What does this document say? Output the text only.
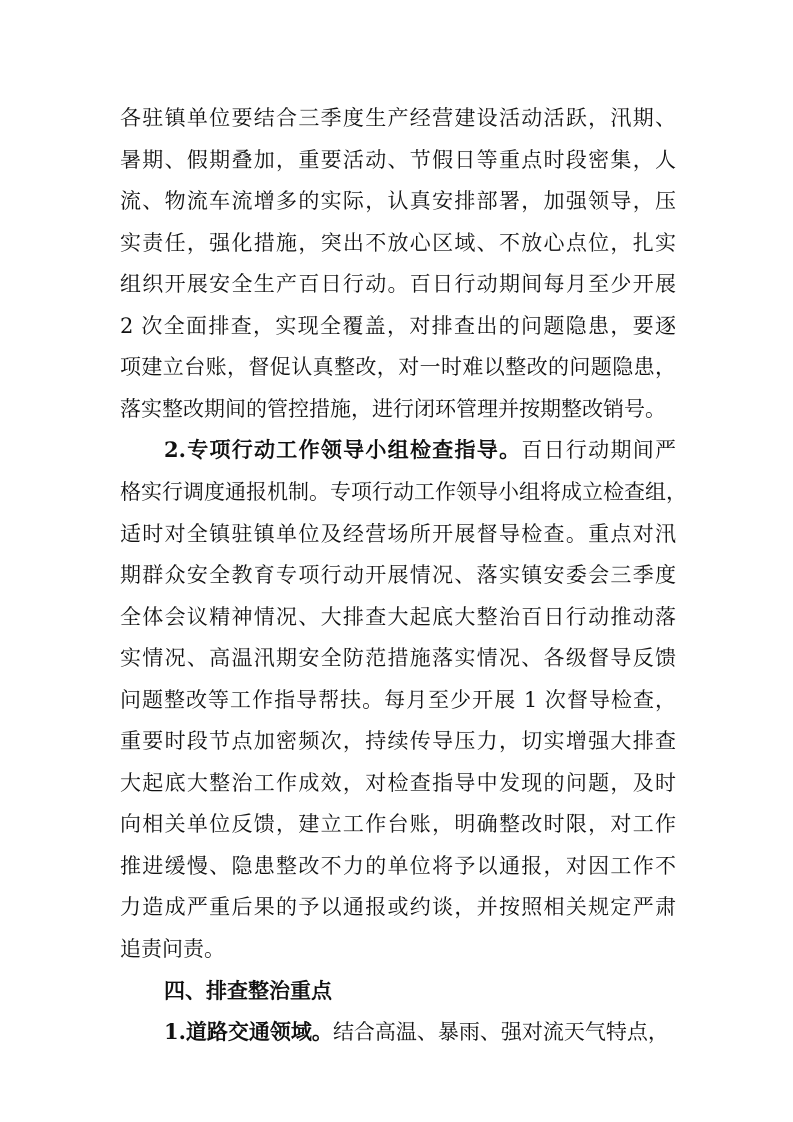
各驻镇单位要结合三季度生产经营建设活动活跃，汛期、
暑期、假期叠加，重要活动、节假日等重点时段密集，人
流、物流车流增多的实际，认真安排部署，加强领导，压
实责任，强化措施，突出不放心区域、不放心点位，扎实
组织开展安全生产百日行动。百日行动期间每月至少开展
2 次全面排查，实现全覆盖，对排查出的问题隐患，要逐
项建立台账，督促认真整改，对一时难以整改的问题隐患，
落实整改期间的管控措施，进行闭环管理并按期整改销号。
2.专项行动工作领导小组检查指导。百日行动期间严
格实行调度通报机制。专项行动工作领导小组将成立检查组，
适时对全镇驻镇单位及经营场所开展督导检查。重点对汛
期群众安全教育专项行动开展情况、落实镇安委会三季度
全体会议精神情况、大排查大起底大整治百日行动推动落
实情况、高温汛期安全防范措施落实情况、各级督导反馈
问题整改等工作指导帮扶。每月至少开展 1 次督导检查，
重要时段节点加密频次，持续传导压力，切实增强大排查
大起底大整治工作成效，对检查指导中发现的问题，及时
向相关单位反馈，建立工作台账，明确整改时限，对工作
推进缓慢、隐患整改不力的单位将予以通报，对因工作不
力造成严重后果的予以通报或约谈，并按照相关规定严肃
追责问责。
四、排查整治重点
1.道路交通领域。结合高温、暴雨、强对流天气特点，
